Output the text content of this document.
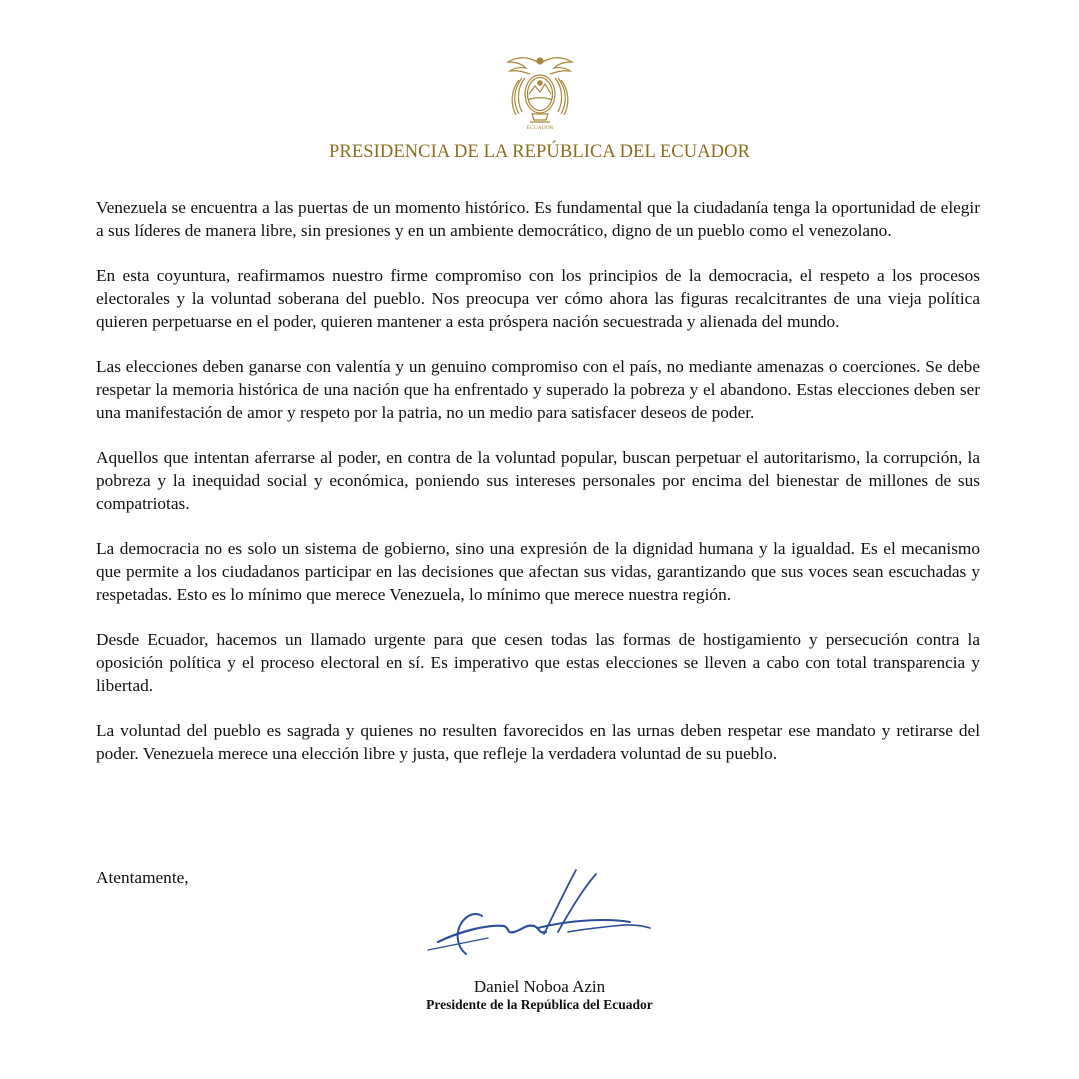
ECUADOR
PRESIDENCIA DE LA REPÚBLICA DEL ECUADOR

Venezuela se encuentra a las puertas de un momento histórico. Es fundamental que la ciudadanía tenga la oportunidad de elegir a sus líderes de manera libre, sin presiones y en un ambiente democrático, digno de un pueblo como el venezolano.

En esta coyuntura, reafirmamos nuestro firme compromiso con los principios de la democracia, el respeto a los procesos electorales y la voluntad soberana del pueblo. Nos preocupa ver cómo ahora las figuras recalcitrantes de una vieja política quieren perpetuarse en el poder, quieren mantener a esta próspera nación secuestrada y alienada del mundo.

Las elecciones deben ganarse con valentía y un genuino compromiso con el país, no mediante amenazas o coerciones. Se debe respetar la memoria histórica de una nación que ha enfrentado y superado la pobreza y el abandono. Estas elecciones deben ser una manifestación de amor y respeto por la patria, no un medio para satisfacer deseos de poder.

Aquellos que intentan aferrarse al poder, en contra de la voluntad popular, buscan perpetuar el autoritarismo, la corrupción, la pobreza y la inequidad social y económica, poniendo sus intereses personales por encima del bienestar de millones de sus compatriotas.

La democracia no es solo un sistema de gobierno, sino una expresión de la dignidad humana y la igualdad. Es el mecanismo que permite a los ciudadanos participar en las decisiones que afectan sus vidas, garantizando que sus voces sean escuchadas y respetadas. Esto es lo mínimo que merece Venezuela, lo mínimo que merece nuestra región.

Desde Ecuador, hacemos un llamado urgente para que cesen todas las formas de hostigamiento y persecución contra la oposición política y el proceso electoral en sí. Es imperativo que estas elecciones se lleven a cabo con total transparencia y libertad.

La voluntad del pueblo es sagrada y quienes no resulten favorecidos en las urnas deben respetar ese mandato y retirarse del poder. Venezuela merece una elección libre y justa, que refleje la verdadera voluntad de su pueblo.

Atentamente,
Daniel Noboa Azin
Presidente de la República del Ecuador
